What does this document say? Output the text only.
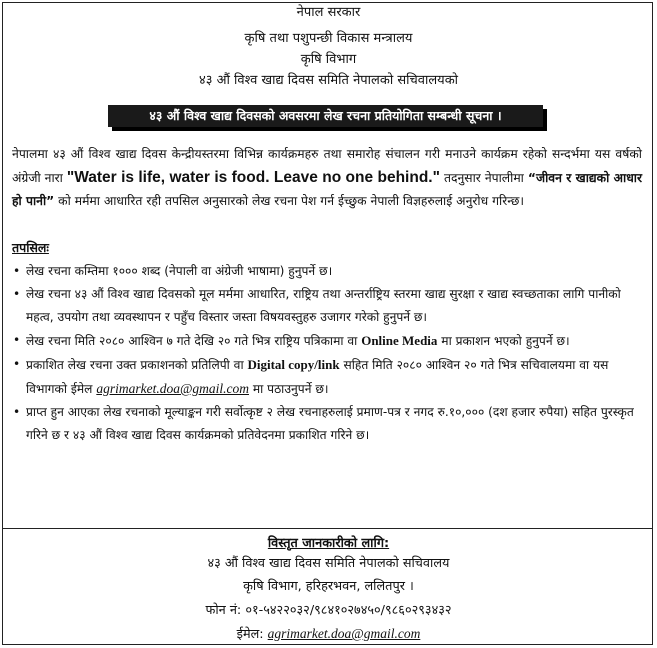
नेपाल सरकार
कृषि तथा पशुपन्छी विकास मन्त्रालय
कृषि विभाग
४३ औं विश्व खाद्य दिवस समिति नेपालको सचिवालयको
४३ औं विश्व खाद्य दिवसको अवसरमा लेख रचना प्रतियोगिता सम्बन्धी सूचना ।
नेपालमा ४३ औं विश्व खाद्य दिवस केन्द्रीयस्तरमा विभिन्न कार्यक्रमहरु तथा समारोह संचालन गरी मनाउने कार्यक्रम रहेको सन्दर्भमा यस वर्षको अंग्रेजी नारा "Water is life, water is food. Leave no one behind." तदनुसार नेपालीमा “जीवन र खाद्यको आधार हो पानी” को मर्ममा आधारित रही तपसिल अनुसारको लेख रचना पेश गर्न ईच्छुक नेपाली विज्ञहरुलाई अनुरोध गरिन्छ।
तपसिलः
• लेख रचना कम्तिमा १००० शब्द (नेपाली वा अंग्रेजी भाषामा) हुनुपर्ने छ।
• लेख रचना ४३ औं विश्व खाद्य दिवसको मूल मर्ममा आधारित, राष्ट्रिय तथा अन्तर्राष्ट्रिय स्तरमा खाद्य सुरक्षा र खाद्य स्वच्छताका लागि पानीको महत्व, उपयोग तथा व्यवस्थापन र पहुँच विस्तार जस्ता विषयवस्तुहरु उजागर गरेको हुनुपर्ने छ।
• लेख रचना मिति २०८० आश्विन ७ गते देखि २० गते भित्र राष्ट्रिय पत्रिकामा वा Online Media मा प्रकाशन भएको हुनुपर्ने छ।
• प्रकाशित लेख रचना उक्त प्रकाशनको प्रतिलिपी वा Digital copy/link सहित मिति २०८० आश्विन २० गते भित्र सचिवालयमा वा यस विभागको ईमेल agrimarket.doa@gmail.com मा पठाउनुपर्ने छ।
• प्राप्त हुन आएका लेख रचनाको मूल्याङ्कन गरी सर्वोत्कृष्ट २ लेख रचनाहरुलाई प्रमाण-पत्र र नगद रु.१०,००० (दश हजार रुपैया) सहित पुरस्कृत गरिने छ र ४३ औं विश्व खाद्य दिवस कार्यक्रमको प्रतिवेदनमा प्रकाशित गरिने छ।
विस्तृत जानकारीको लागि:
४३ औं विश्व खाद्य दिवस समिति नेपालको सचिवालय
कृषि विभाग, हरिहरभवन, ललितपुर ।
फोन नं: ०१-५४२२०३२/९८४१०२७४५०/९८६०२९३४३२
ईमेल: agrimarket.doa@gmail.com
